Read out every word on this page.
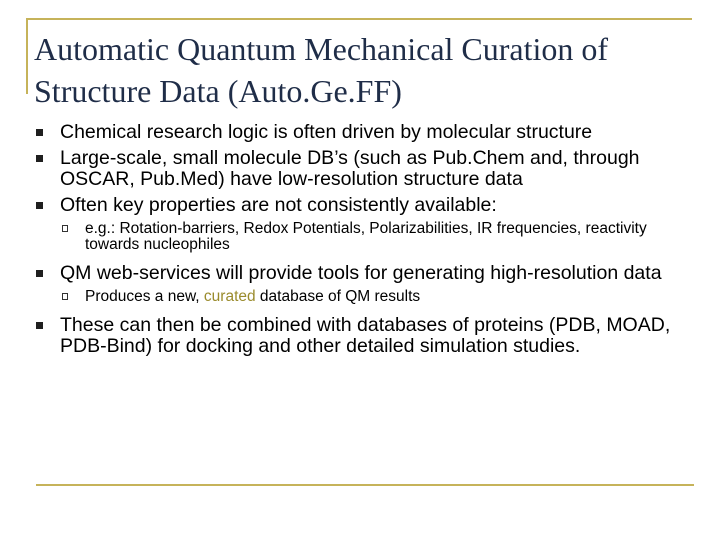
Automatic Quantum Mechanical Curation of Structure Data (Auto.Ge.FF)
Chemical research logic is often driven by molecular structure
Large-scale, small molecule DB’s (such as Pub.Chem and, through OSCAR, Pub.Med) have low-resolution structure data
Often key properties are not consistently available:
e.g.: Rotation-barriers, Redox Potentials, Polarizabilities, IR frequencies, reactivity towards nucleophiles
QM web-services will provide tools for generating high-resolution data
Produces a new, curated database of QM results
These can then be combined with databases of proteins (PDB, MOAD, PDB-Bind) for docking and other detailed simulation studies.
